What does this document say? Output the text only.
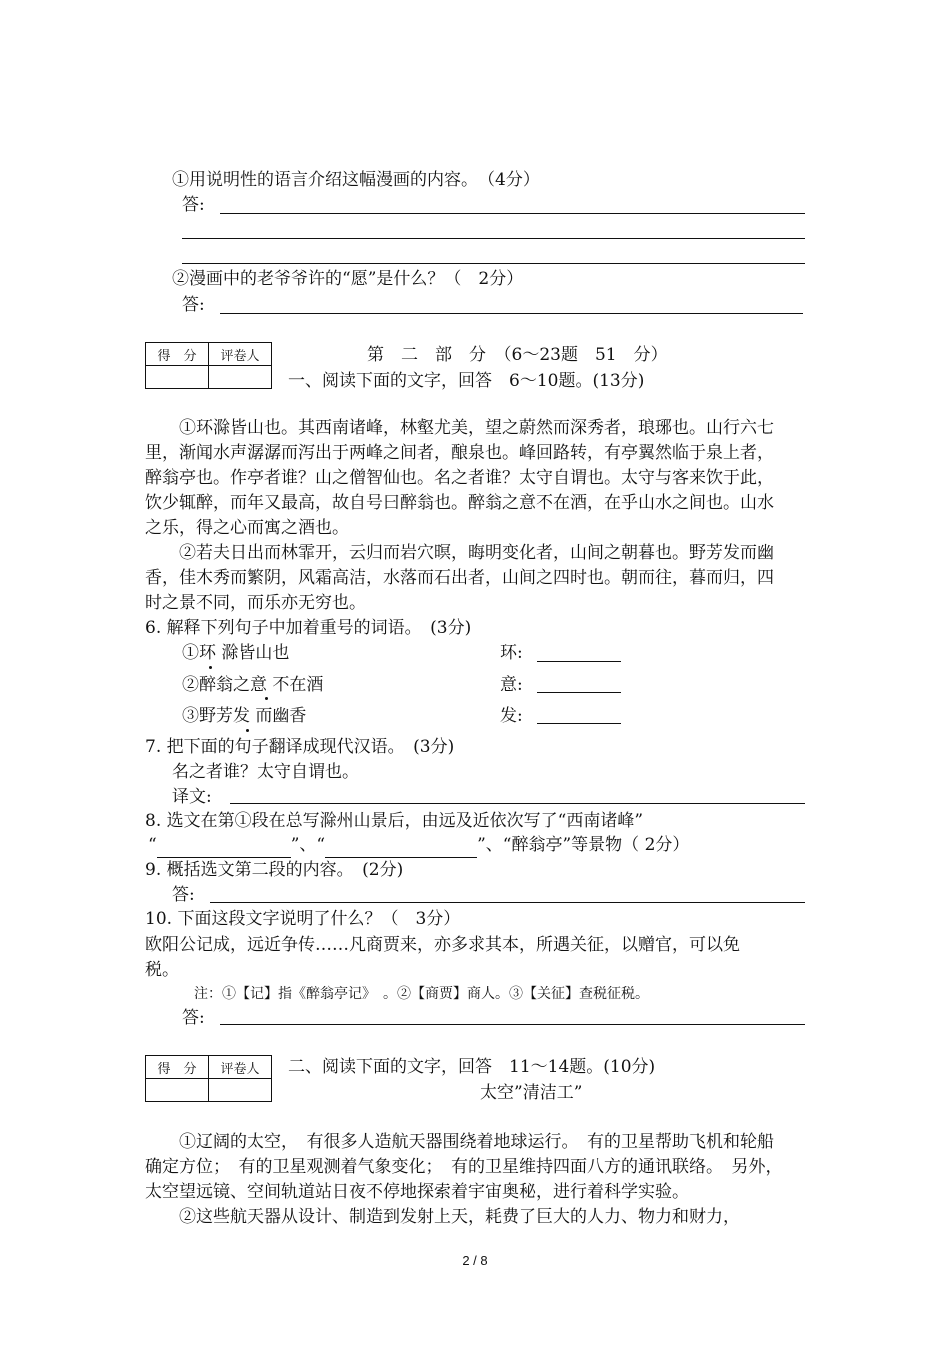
①用说明性的语言介绍这幅漫画的内容。　（4分）
答:
②漫画中的老爷爷许的“愿”是什么？（　2分）
答:
得　分	评卷人
		第　二　部　分　（6～23题　51　分）
一、阅读下面的文字，回答　6～10题。(13分)

①环滁皆山也。其西南诸峰，林壑尤美，望之蔚然而深秀者，琅琊也。山行六七里，渐闻水声潺潺而泻出于两峰之间者，酿泉也。峰回路转，有亭翼然临于泉上者，醉翁亭也。作亭者谁？山之僧智仙也。名之者谁？太守自谓也。太守与客来饮于此，饮少辄醉，而年又最高，故自号曰醉翁也。醉翁之意不在酒，在乎山水之间也。山水之乐，得之心而寓之酒也。

②若夫日出而林霏开，云归而岩穴暝，晦明变化者，山间之朝暮也。野芳发而幽香，佳木秀而繁阴，风霜高洁，水落而石出者，山间之四时也。朝而往，暮而归，四时之景不同，而乐亦无穷也。

6. 解释下列句子中加着重号的词语。　(3分)
①环 滁皆山也	环:
②醉翁之意 不在酒	意:
③野芳发 而幽香	发:
7. 把下面的句子翻译成现代汉语。　(3分)
名之者谁？太守自谓也。
译文:
8. 选文在第①段在总写滁州山景后，由远及近依次写了“西南诸峰”
“	”、“	”、“醉翁亭”等景物（ 2分）
9. 概括选文第二段的内容。　(2分)
答:
10. 下面这段文字说明了什么？（　3分）
欧阳公记成，远近争传……凡商贾来，亦多求其本，所遇关征，以赠官，可以免
税。
注：①【记】指《醉翁亭记》　。②【商贾】商人。③【关征】查税征税。
答:
得　分	评卷人
	二、阅读下面的文字，回答　11～14题。(10分)
太空”清洁工”

①辽阔的太空，　有很多人造航天器围绕着地球运行。　有的卫星帮助飞机和轮船确定方位；　有的卫星观测着气象变化；　有的卫星维持四面八方的通讯联络。　另外，太空望远镜、空间轨道站日夜不停地探索着宇宙奥秘，进行着科学实验。

②这些航天器从设计、制造到发射上天，耗费了巨大的人力、物力和财力，

2 / 8
